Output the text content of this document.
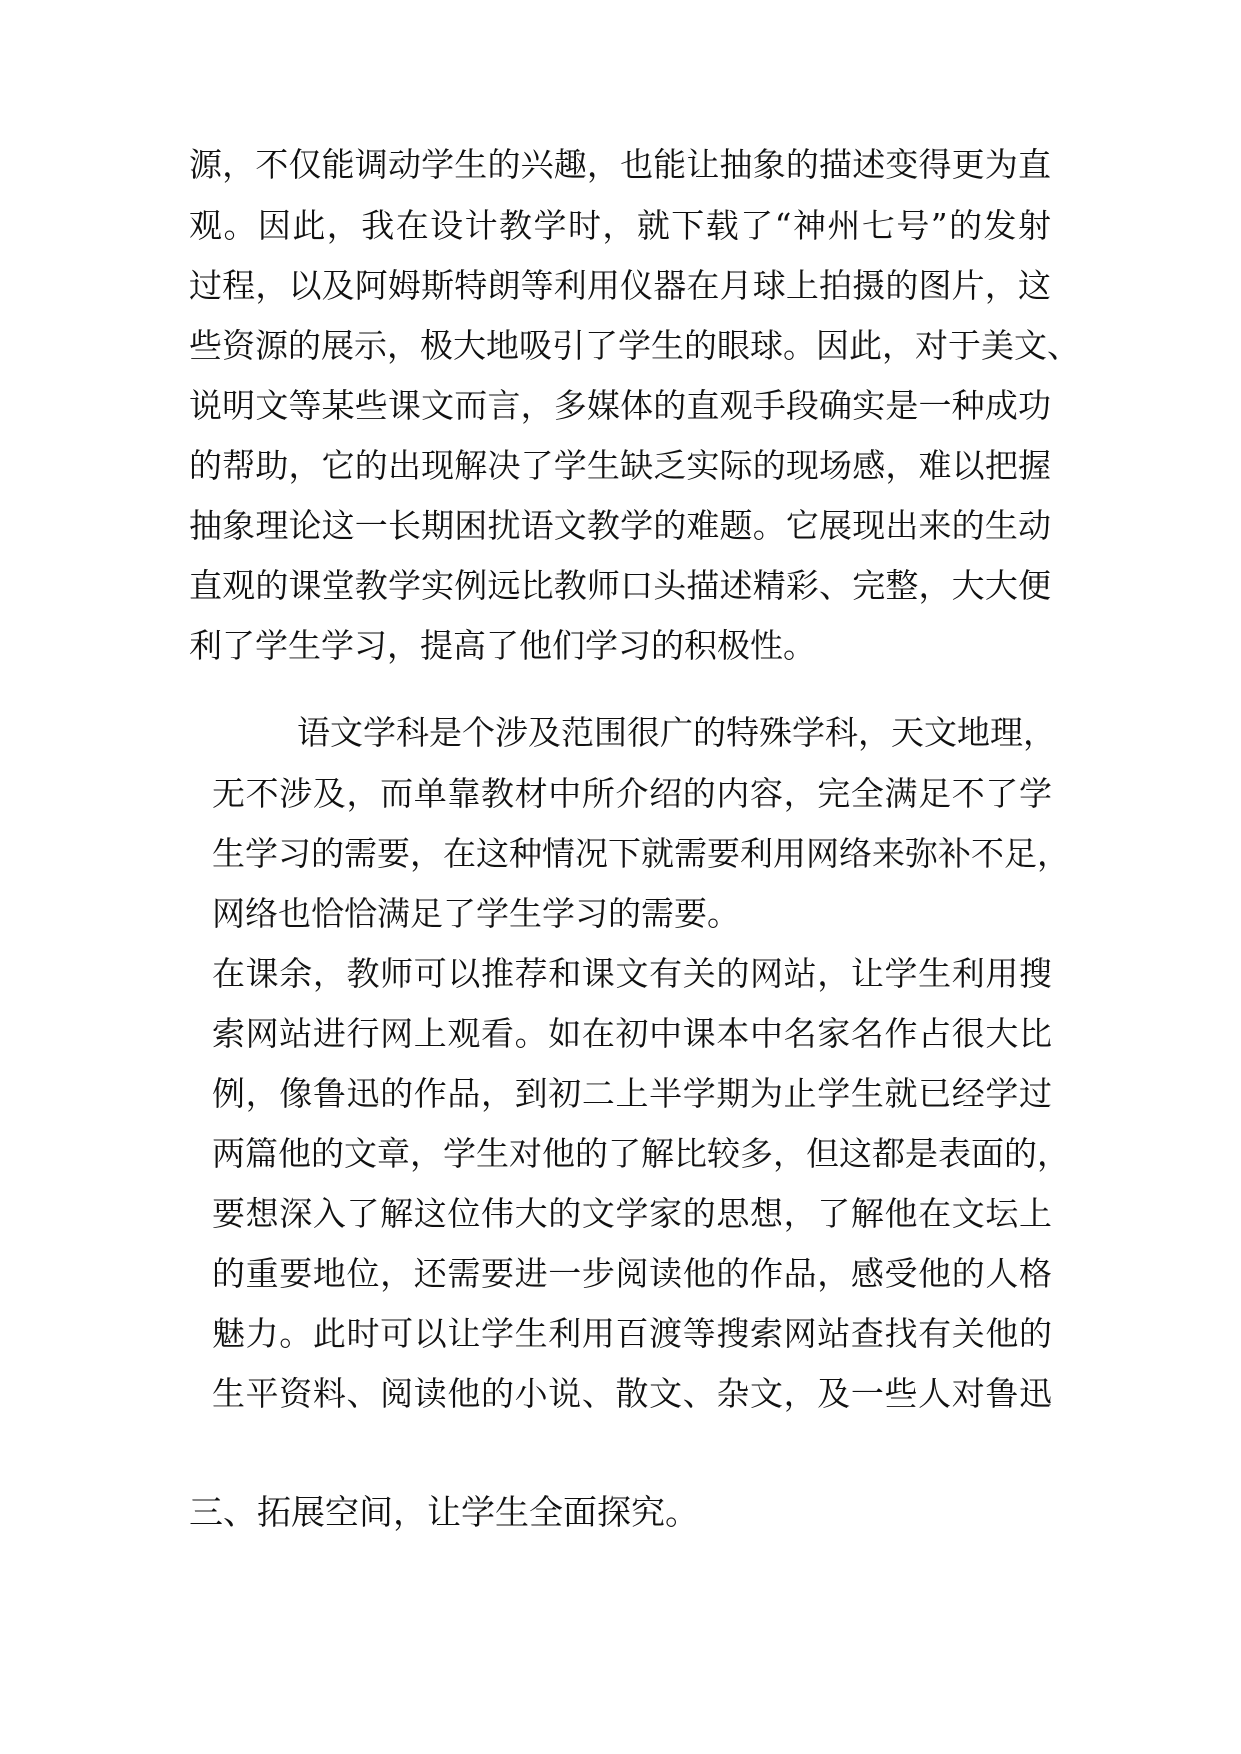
源，不仅能调动学生的兴趣，也能让抽象的描述变得更为直
观。因此，我在设计教学时，就下载了“神州七号”的发射
过程，以及阿姆斯特朗等利用仪器在月球上拍摄的图片，这
些资源的展示，极大地吸引了学生的眼球。因此，对于美文、
说明文等某些课文而言，多媒体的直观手段确实是一种成功
的帮助，它的出现解决了学生缺乏实际的现场感，难以把握
抽象理论这一长期困扰语文教学的难题。它展现出来的生动
直观的课堂教学实例远比教师口头描述精彩、完整，大大便
利了学生学习，提高了他们学习的积极性。
语文学科是个涉及范围很广的特殊学科，天文地理，
无不涉及，而单靠教材中所介绍的内容，完全满足不了学
生学习的需要，在这种情况下就需要利用网络来弥补不足，
网络也恰恰满足了学生学习的需要。
在课余，教师可以推荐和课文有关的网站，让学生利用搜
索网站进行网上观看。如在初中课本中名家名作占很大比
例，像鲁迅的作品，到初二上半学期为止学生就已经学过
两篇他的文章，学生对他的了解比较多，但这都是表面的，
要想深入了解这位伟大的文学家的思想，了解他在文坛上
的重要地位，还需要进一步阅读他的作品，感受他的人格
魅力。此时可以让学生利用百渡等搜索网站查找有关他的
生平资料、阅读他的小说、散文、杂文，及一些人对鲁迅
三、拓展空间，让学生全面探究。
